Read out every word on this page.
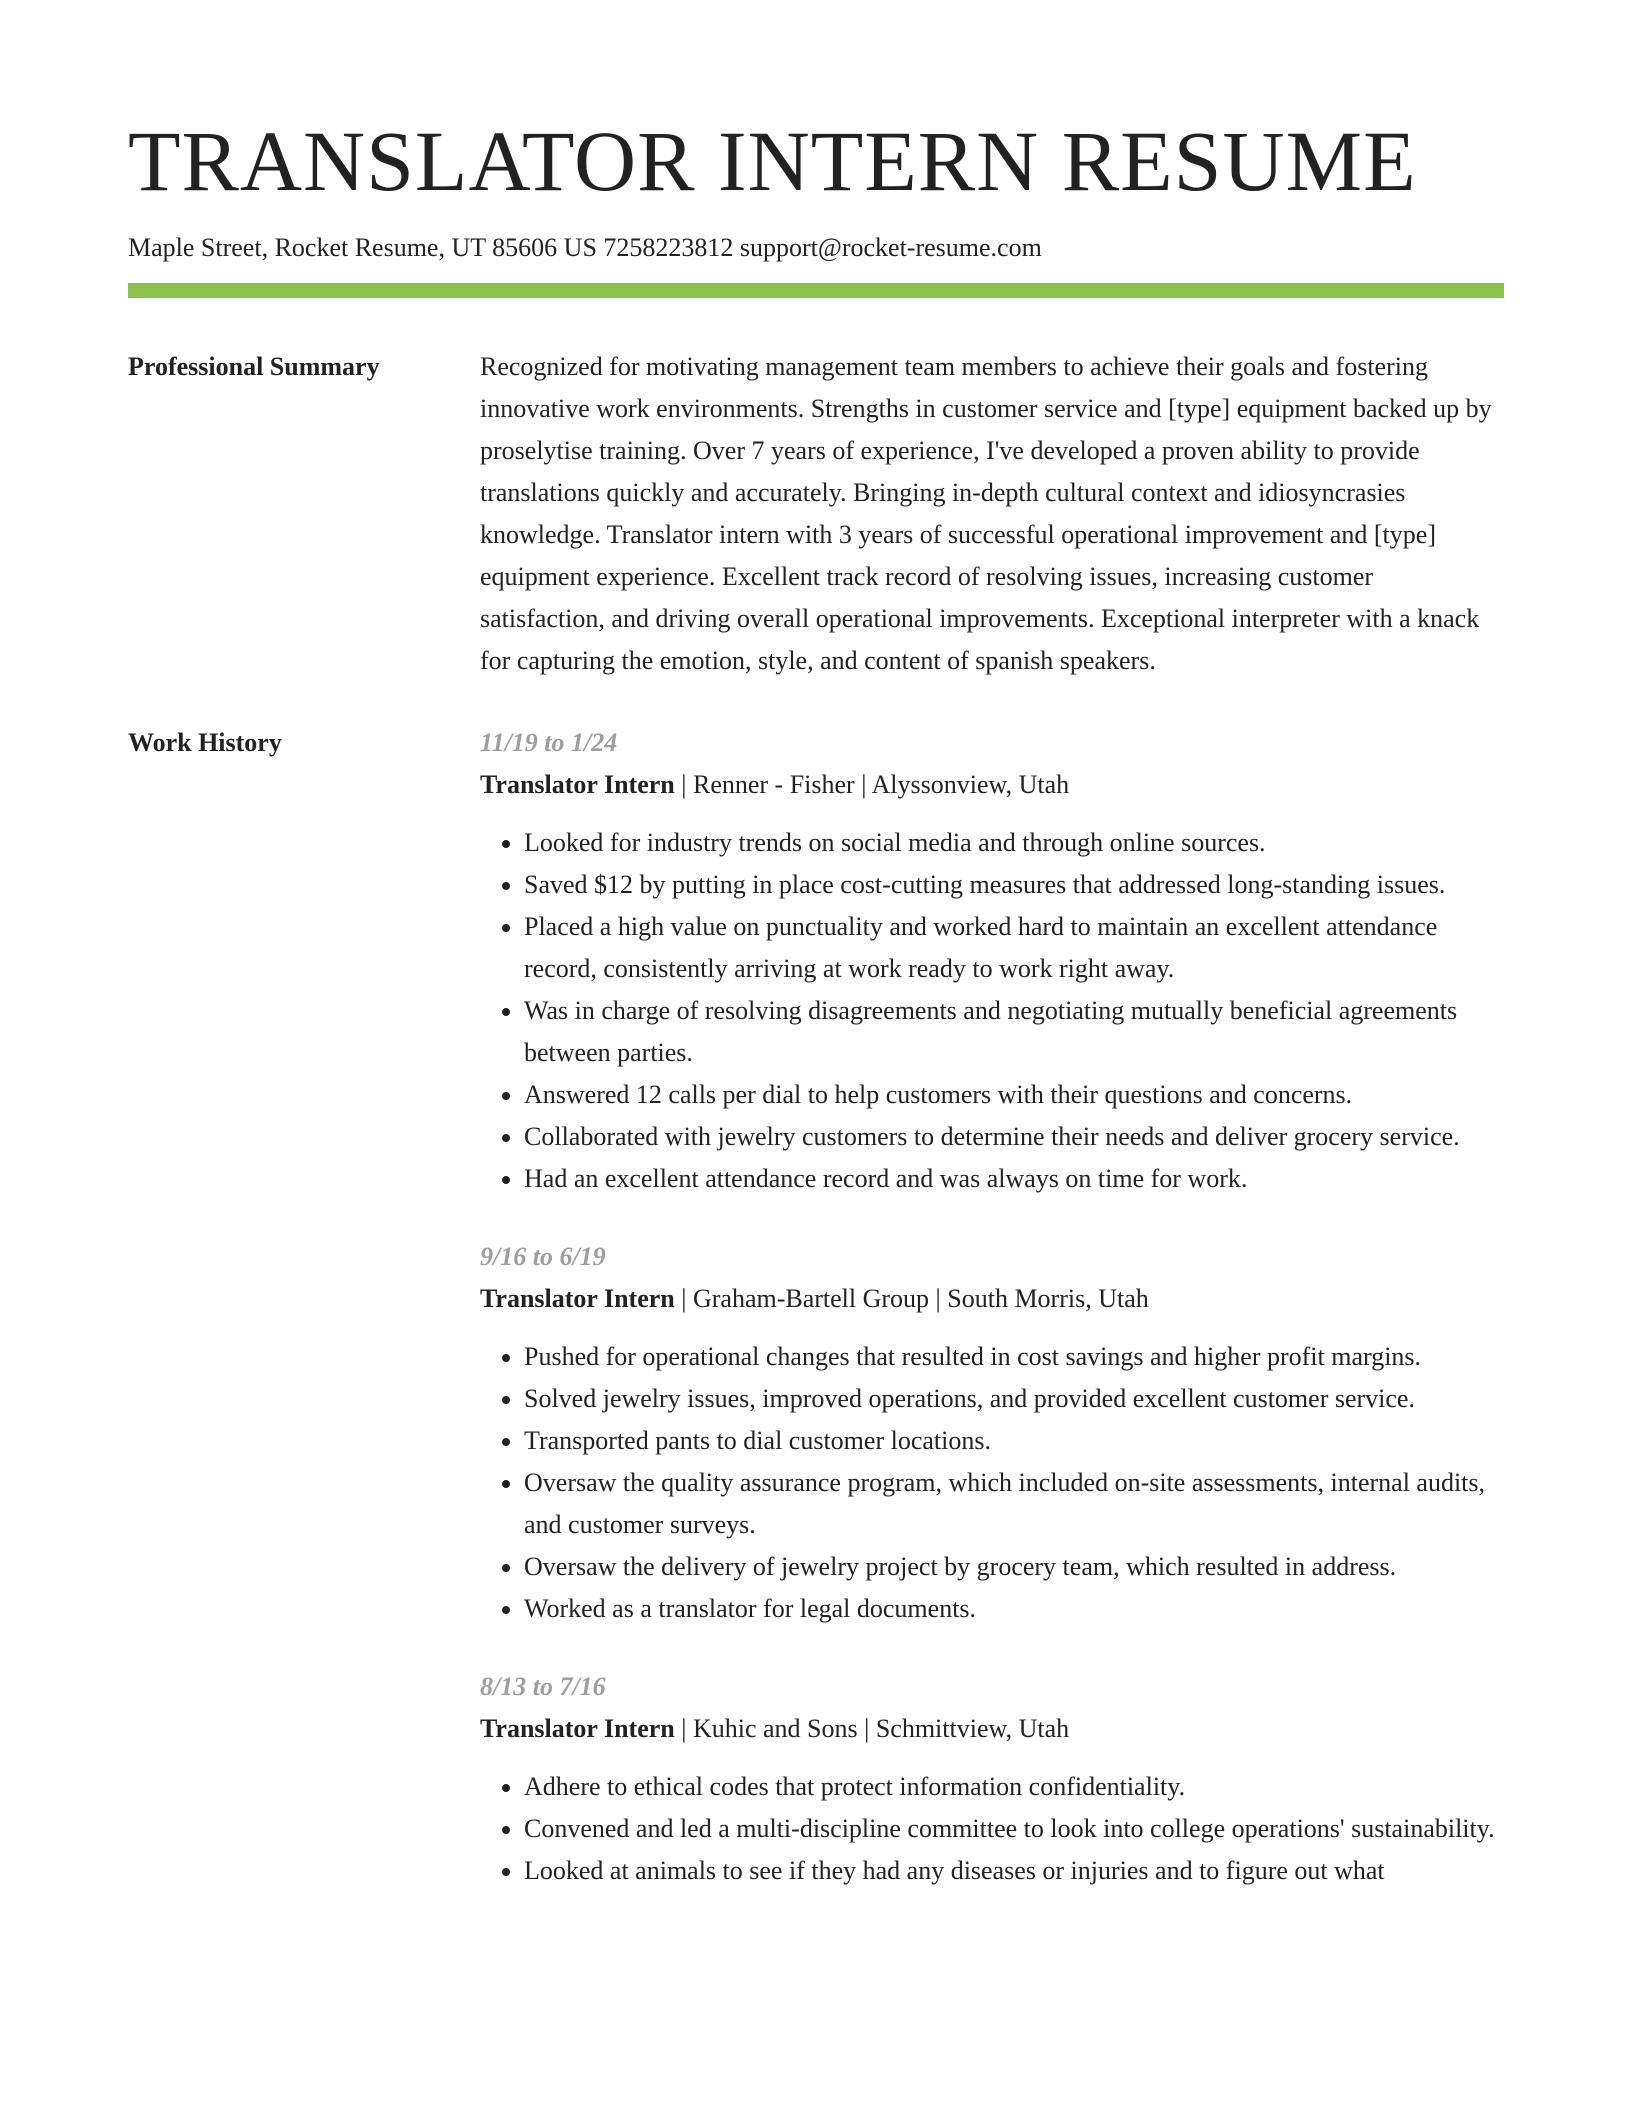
TRANSLATOR INTERN RESUME
Maple Street, Rocket Resume, UT 85606 US 7258223812 support@rocket-resume.com
Professional Summary	Recognized for motivating management team members to achieve their goals and fostering innovative work environments. Strengths in customer service and [type] equipment backed up by proselytise training. Over 7 years of experience, I've developed a proven ability to provide translations quickly and accurately. Bringing in-depth cultural context and idiosyncrasies knowledge. Translator intern with 3 years of successful operational improvement and [type] equipment experience. Excellent track record of resolving issues, increasing customer satisfaction, and driving overall operational improvements. Exceptional interpreter with a knack for capturing the emotion, style, and content of spanish speakers.

Work History	11/19 to 1/24
Translator Intern | Renner - Fisher | Alyssonview, Utah
• Looked for industry trends on social media and through online sources.
• Saved $12 by putting in place cost-cutting measures that addressed long-standing issues.
• Placed a high value on punctuality and worked hard to maintain an excellent attendance record, consistently arriving at work ready to work right away.
• Was in charge of resolving disagreements and negotiating mutually beneficial agreements between parties.
• Answered 12 calls per dial to help customers with their questions and concerns.
• Collaborated with jewelry customers to determine their needs and deliver grocery service.
• Had an excellent attendance record and was always on time for work.
9/16 to 6/19
Translator Intern | Graham-Bartell Group | South Morris, Utah
• Pushed for operational changes that resulted in cost savings and higher profit margins.
• Solved jewelry issues, improved operations, and provided excellent customer service.
• Transported pants to dial customer locations.
• Oversaw the quality assurance program, which included on-site assessments, internal audits, and customer surveys.
• Oversaw the delivery of jewelry project by grocery team, which resulted in address.
• Worked as a translator for legal documents.
8/13 to 7/16
Translator Intern | Kuhic and Sons | Schmittview, Utah
• Adhere to ethical codes that protect information confidentiality.
• Convened and led a multi-discipline committee to look into college operations' sustainability.
• Looked at animals to see if they had any diseases or injuries and to figure out what
